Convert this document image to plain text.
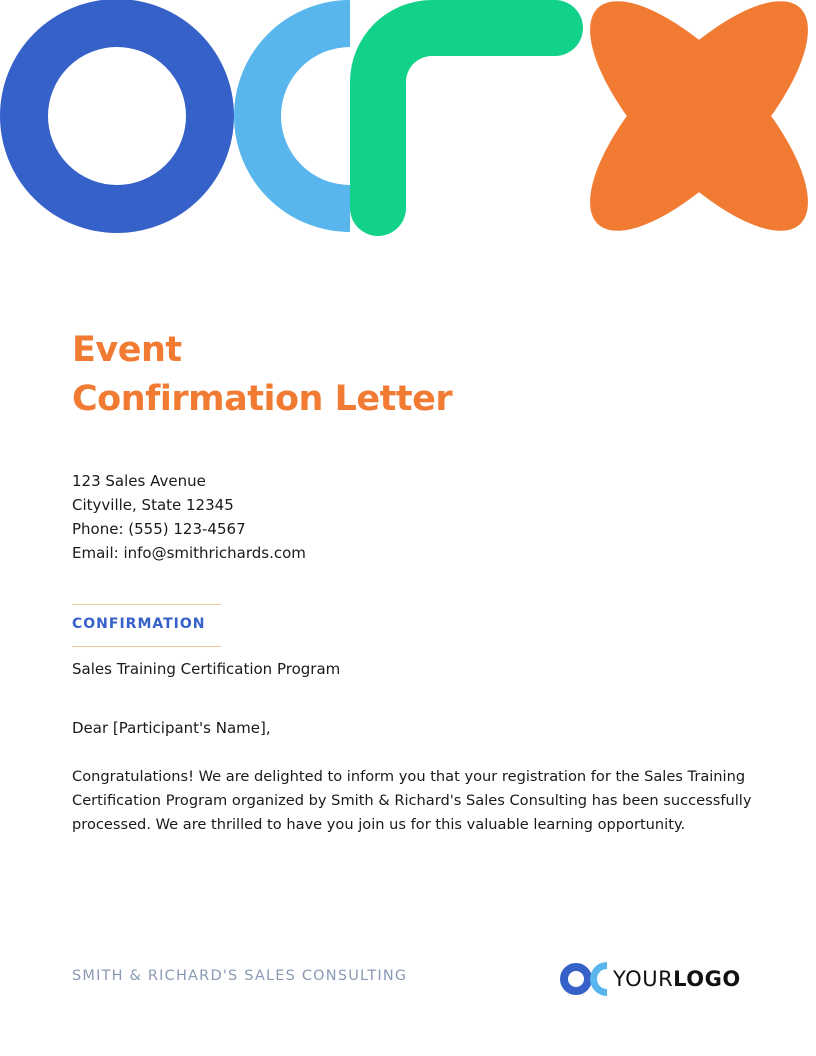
Event
Confirmation Letter
123 Sales Avenue
Cityville, State 12345
Phone: (555) 123-4567
Email: info@smithrichards.com
CONFIRMATION
Sales Training Certification Program
Dear [Participant's Name],

Congratulations! We are delighted to inform you that your registration for the Sales Training Certification Program organized by Smith & Richard's Sales Consulting has been successfully processed. We are thrilled to have you join us for this valuable learning opportunity.

SMITH & RICHARD'S SALES CONSULTING	YOURLOGO
